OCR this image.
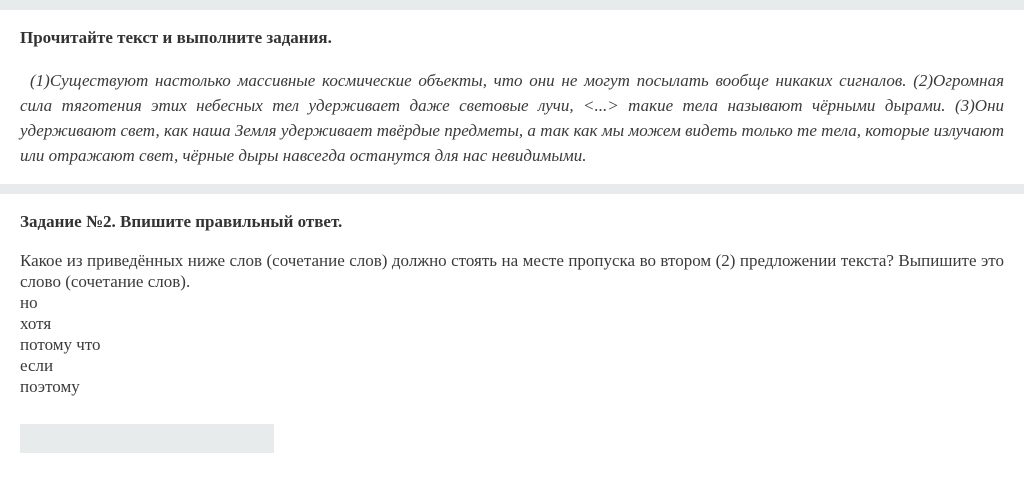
Прочитайте текст и выполните задания.

(1)Существуют настолько массивные космические объекты, что они не могут посылать вообще никаких сигналов. (2)Огромная сила тяготения этих небесных тел удерживает даже световые лучи, <...> такие тела называют чёрными дырами. (3)Они удерживают свет, как наша Земля удерживает твёрдые предметы, а так как мы можем видеть только те тела, которые излучают или отражают свет, чёрные дыры навсегда останутся для нас невидимыми.

Задание №2. Впишите правильный ответ.

Какое из приведённых ниже слов (сочетание слов) должно стоять на месте пропуска во втором (2) предложении текста? Выпишите это слово (сочетание слов).

но
хотя
потому что
если
поэтому
